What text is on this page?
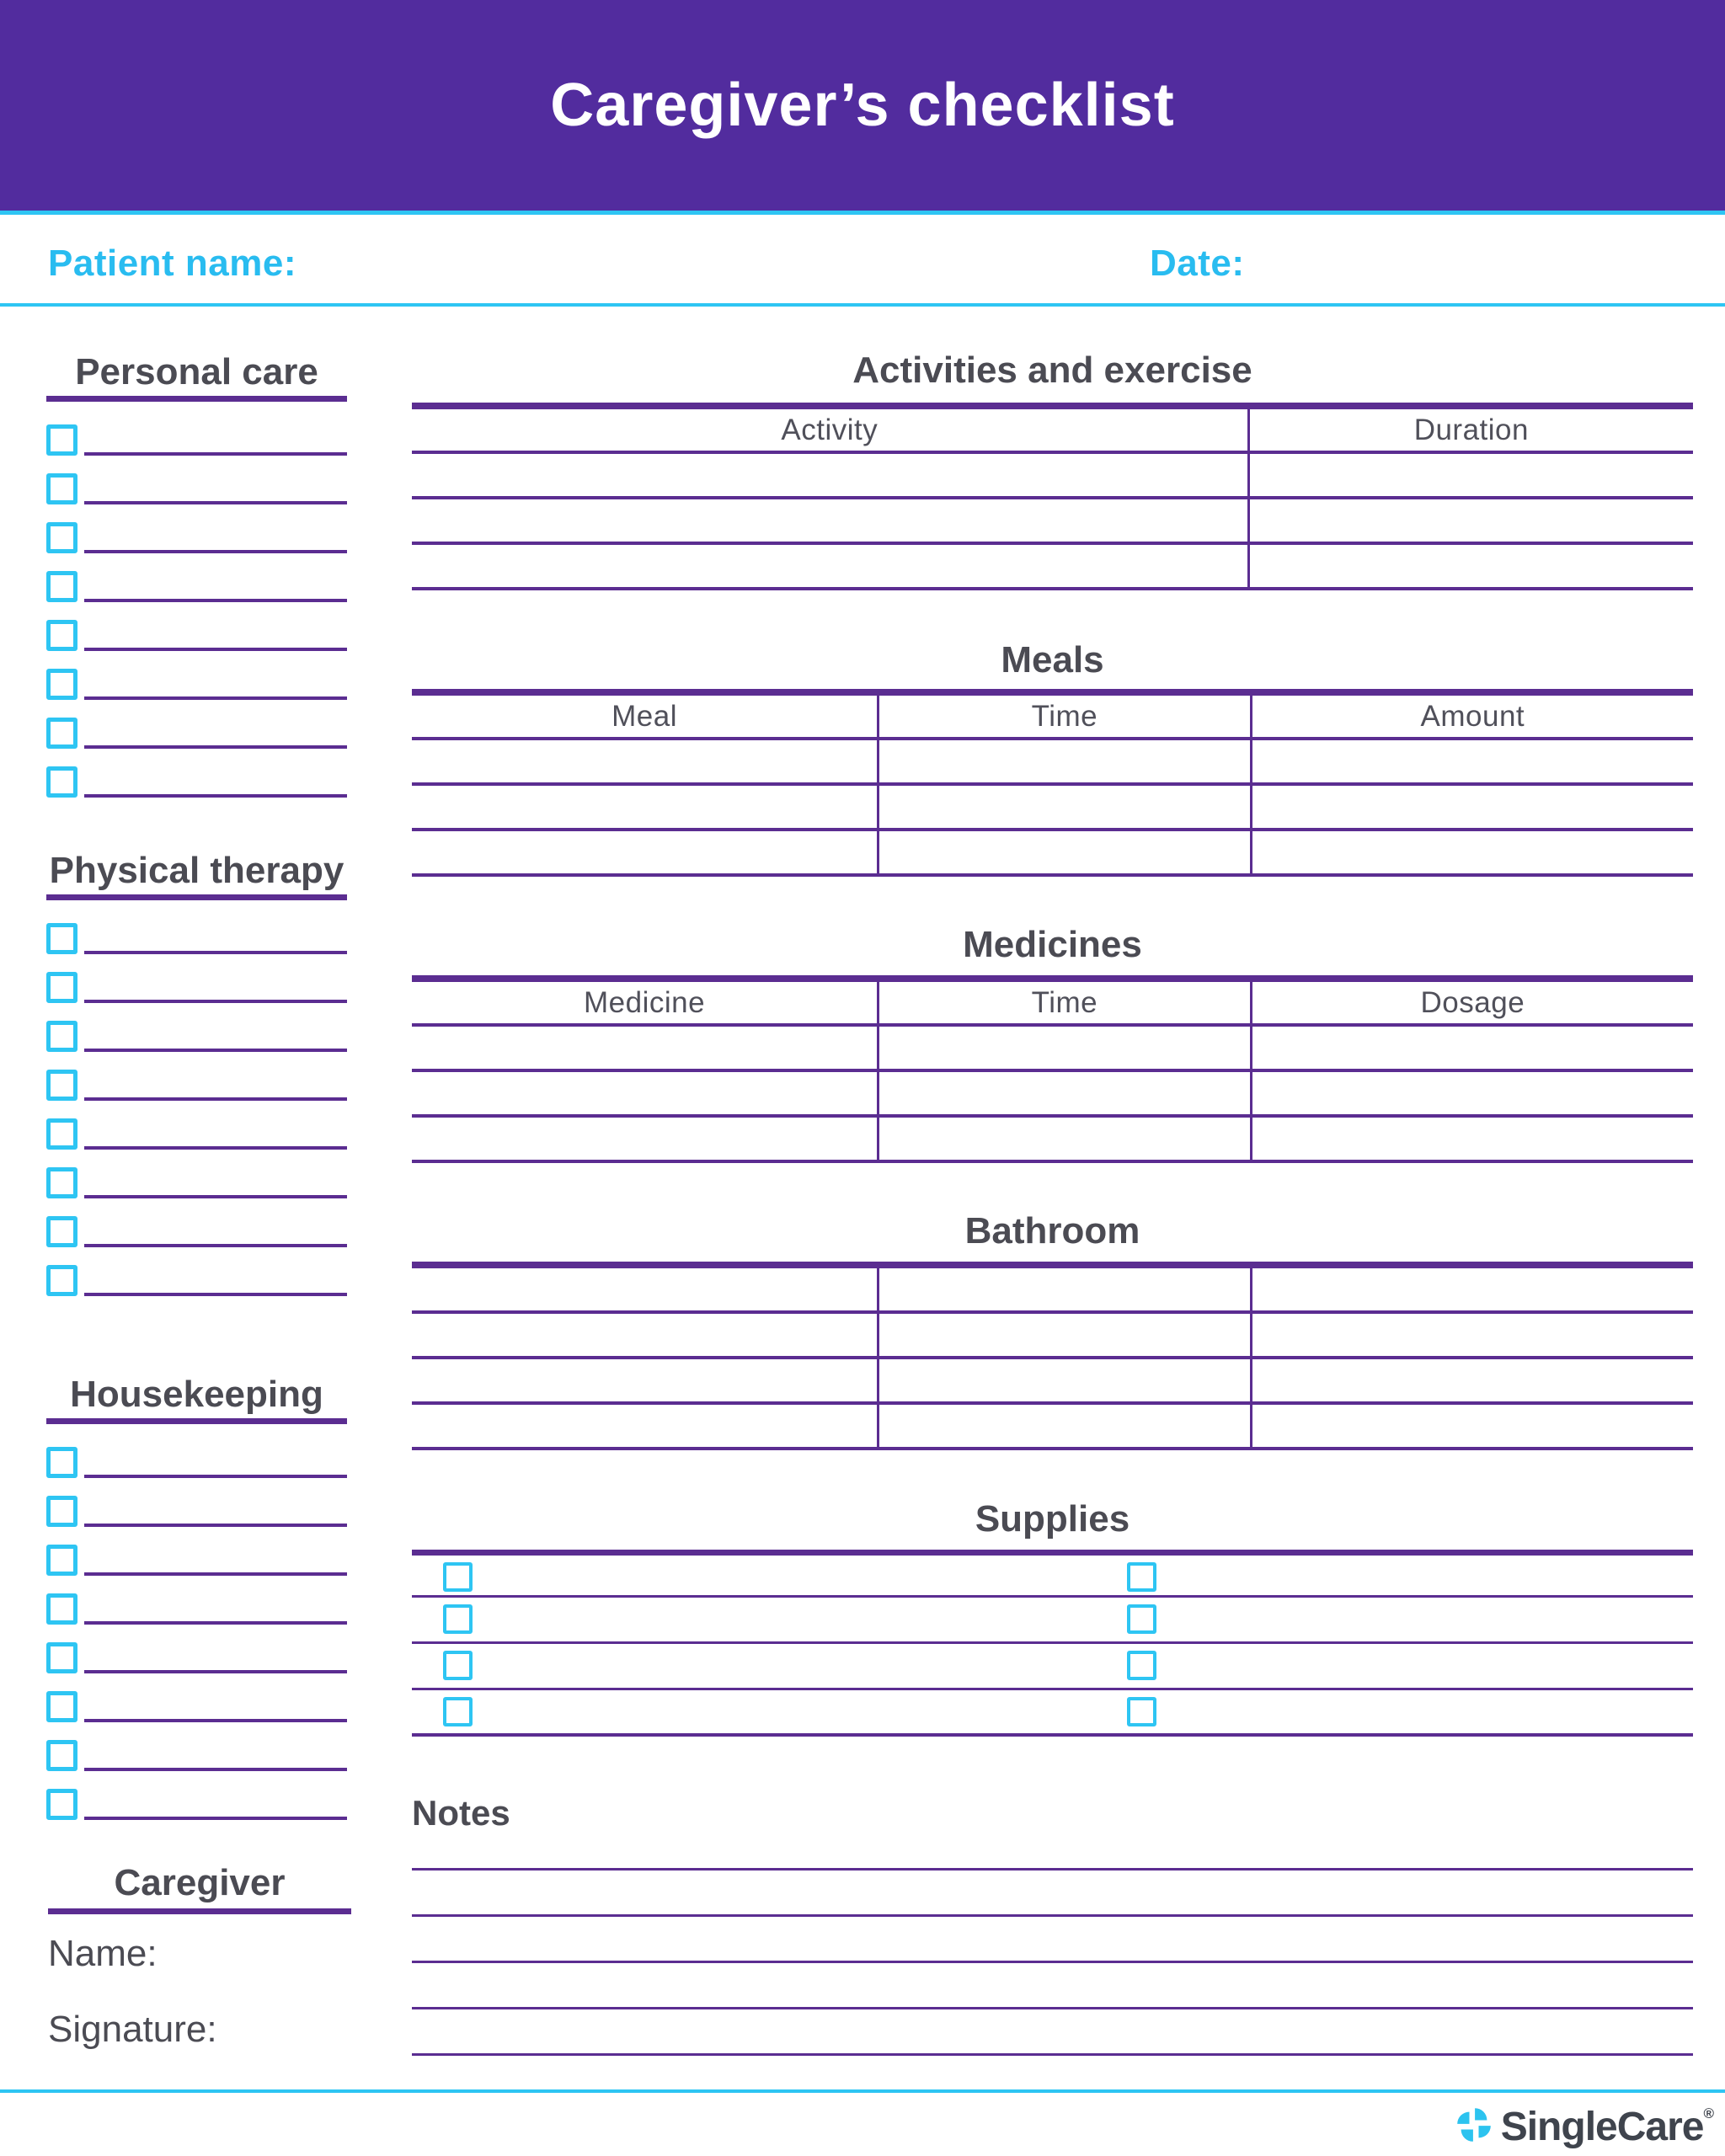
Caregiver’s checklist
Patient name:	Date:
Personal care
Physical therapy
Housekeeping
Caregiver
Name:
Signature:
Activities and exercise
Activity	Duration
Meals
Meal	Time	Amount
Medicines
Medicine	Time	Dosage
Bathroom
Supplies
Notes
SingleCare®
